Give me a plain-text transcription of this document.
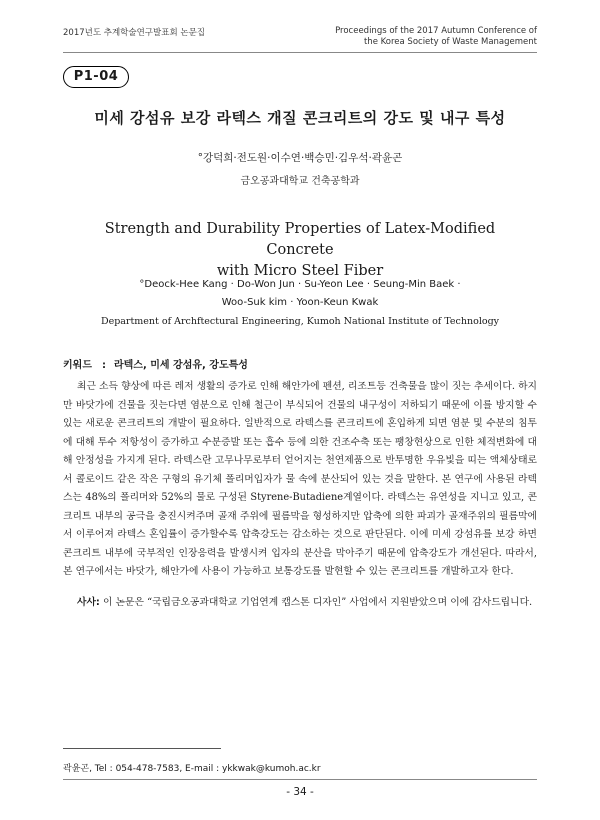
2017년도 추계학술연구발표회 논문집	Proceedings of the 2017 Autumn Conference of
the Korea Society of Waste Management
P1-04
미세 강섬유 보강 라텍스 개질 콘크리트의 강도 및 내구 특성
°강덕희·전도원·이수연·백승민·김우석·곽윤곤
금오공과대학교 건축공학과
Strength and Durability Properties of Latex-Modified Concrete
with Micro Steel Fiber
°Deock-Hee Kang · Do-Won Jun · Su-Yeon Lee · Seung-Min Baek ·
Woo-Suk kim · Yoon-Keun Kwak
Department of Archftectural Engineering, Kumoh National Institute of Technology
키워드 : 라텍스, 미세 강섬유, 강도특성

최근 소득 향상에 따른 레저 생활의 증가로 인해 해안가에 펜션, 리조트등 건축물을 많이 짓는 추세이다. 하지만 바닷가에 건물을 짓는다면 염분으로 인해 철근이 부식되어 건물의 내구성이 저하되기 때문에 이를 방지할 수 있는 새로운 콘크리트의 개발이 필요하다. 일반적으로 라텍스를 콘크리트에 혼입하게 되면 염분 및 수분의 침투에 대해 투수 저항성이 증가하고 수분증발 또는 흡수 등에 의한 건조수축 또는 팽창현상으로 인한 체적변화에 대해 안정성을 가지게 된다. 라텍스란 고무나무로부터 얻어지는 천연제품으로 반투명한 우유빛을 띠는 액체상태로서 콜로이드 같은 작은 구형의 유기체 폴리머입자가 물 속에 분산되어 있는 것을 말한다. 본 연구에 사용된 라텍스는 48%의 폴리머와 52%의 물로 구성된 Styrene-Butadiene계열이다. 라텍스는 유연성을 지니고 있고, 콘크리트 내부의 공극을 충진시켜주며 골재 주위에 필름막을 형성하지만 압축에 의한 파괴가 골재주위의 필름막에서 이루어져 라텍스 혼입률이 증가할수록 압축강도는 감소하는 것으로 판단된다. 이에 미세 강섬유를 보강 하면 콘크리트 내부에 국부적인 인장응력을 발생시켜 입자의 분산을 막아주기 때문에 압축강도가 개선된다. 따라서, 본 연구에서는 바닷가, 해안가에 사용이 가능하고 보통강도를 발현할 수 있는 콘크리트를 개발하고자 한다.

사사: 이 논문은 “국립금오공과대학교 기업연계 캡스톤 디자인” 사업에서 지원받았으며 이에 감사드립니다.
곽윤곤, Tel : 054-478-7583, E-mail : ykkwak@kumoh.ac.kr
- 34 -
